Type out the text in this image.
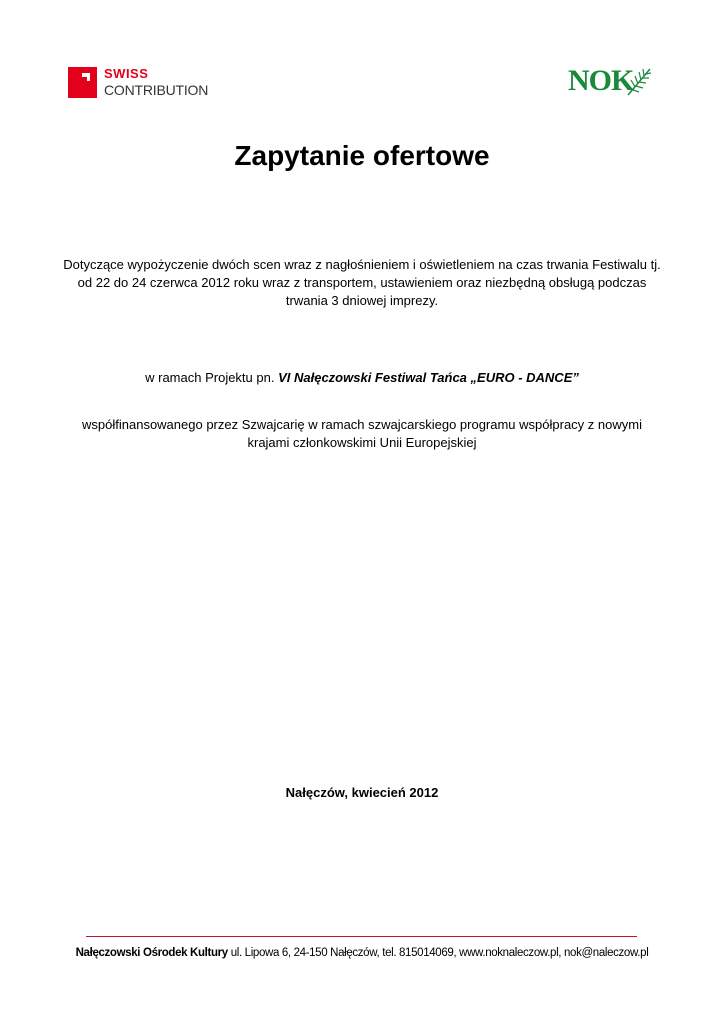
SWISS
CONTRIBUTION	NOK
Zapytanie ofertowe
Dotyczące wypożyczenie dwóch scen wraz z nagłośnieniem i oświetleniem na czas trwania Festiwalu tj. od 22 do 24 czerwca 2012 roku wraz z transportem, ustawieniem oraz niezbędną obsługą podczas trwania 3 dniowej imprezy.
w ramach Projektu pn. VI Nałęczowski Festiwal Tańca „EURO - DANCE”
współfinansowanego przez Szwajcarię w ramach szwajcarskiego programu współpracy z nowymi krajami członkowskimi Unii Europejskiej
Nałęczów, kwiecień 2012
Nałęczowski Ośrodek Kultury ul. Lipowa 6, 24-150 Nałęczów, tel. 815014069, www.noknaleczow.pl, nok@naleczow.pl
